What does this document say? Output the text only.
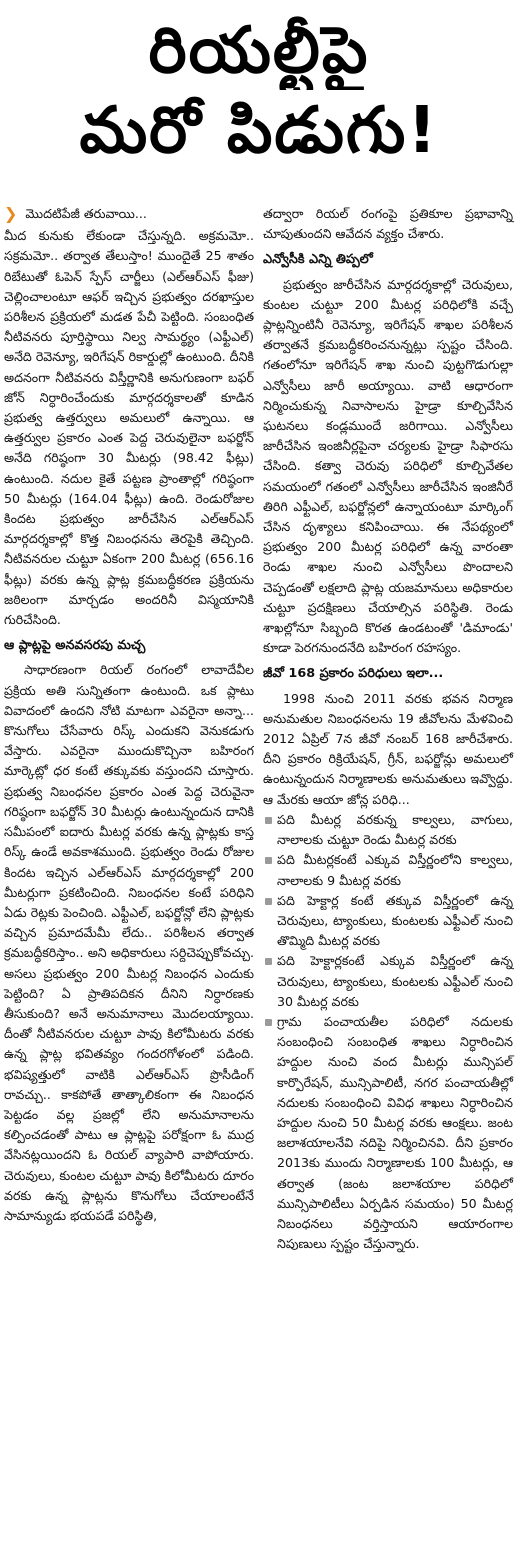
రియల్టీపై
మరో పిడుగు!
❯ మొదటిపేజీ తరువాయి...

మీద కునుకు లేకుండా చేస్తున్నది. అక్రమమో.. సక్రమమో.. తర్వాత తేలుస్తాం! ముందైతే 25 శాతం రిబేటుతో ఓపెన్ స్పేస్ చార్జీలు (ఎల్ఆర్ఎస్ ఫీజు) చెల్లించాలంటూ ఆఫర్ ఇచ్చిన ప్రభుత్వం దరఖాస్తుల పరిశీలన ప్రక్రియలో మడత పేచీ పెట్టింది. సంబంధిత నీటివనరు పూర్తిస్థాయి నిల్వ సామర్థ్యం (ఎఫ్టీఎల్) అనేది రెవెన్యూ, ఇరిగేషన్ రికార్డుల్లో ఉంటుంది. దీనికి అదనంగా నీటివనరు విస్తీర్ణానికి అనుగుణంగా బఫర్ జోన్ నిర్ధారించేందుకు మార్గదర్శకాలతో కూడిన ప్రభుత్వ ఉత్తర్వులు అమలులో ఉన్నాయి. ఆ ఉత్తర్వుల ప్రకారం ఎంత పెద్ద చెరువులైనా బఫర్జోన్ అనేది గరిష్ఠంగా 30 మీటర్లు (98.42 ఫీట్లు) ఉంటుంది. నదుల కైతే పట్టణ ప్రాంతాల్లో గరిష్ఠంగా 50 మీటర్లు (164.04 ఫీట్లు) ఉంది. రెండురోజుల కిందట ప్రభుత్వం జారీచేసిన ఎల్ఆర్ఎస్ మార్గదర్శకాల్లో కొత్త నిబంధనను తెరపైకి తెచ్చింది. నీటివనరుల చుట్టూ ఏకంగా 200 మీటర్ల (656.16 ఫీట్లు) వరకు ఉన్న ప్లాట్ల క్రమబద్ధీకరణ ప్రక్రియను జఠిలంగా మార్చడం అందరినీ విస్మయానికి గురిచేసింది.

ఆ ప్లాట్లపై అనవసరపు మచ్చ

సాధారణంగా రియల్ రంగంలో లావాదేవీల ప్రక్రియ అతి సున్నితంగా ఉంటుంది. ఒక ప్లాటు వివాదంలో ఉందని నోటి మాటగా ఎవరైనా అన్నా... కొనుగోలు చేసేవారు రిస్క్ ఎందుకని వెనుకడుగు వేస్తారు. ఎవరైనా ముందుకొచ్చినా బహిరంగ మార్కెట్లో ధర కంటే తక్కువకు వస్తుందని చూస్తారు. ప్రభుత్వ నిబంధనల ప్రకారం ఎంత పెద్ద చెరువైనా గరిష్ఠంగా బఫర్జోన్ 30 మీటర్లు ఉంటున్నందున దానికి సమీపంలో ఐదారు మీటర్ల వరకు ఉన్న ప్లాట్లకు కాస్త రిస్క్ ఉండే అవకాశముంది. ప్రభుత్వం రెండు రోజుల కిందట ఇచ్చిన ఎల్ఆర్ఎస్ మార్గదర్శకాల్లో 200 మీటర్లుగా ప్రకటించింది. నిబంధనల కంటే పరిధిని ఏడు రెట్లకు పెంచింది. ఎఫ్టీఎల్, బఫర్జోన్లో లేని ప్లాట్లకు వచ్చిన ప్రమాదమేమీ లేదు.. పరిశీలన తర్వాత క్రమబద్ధీకరిస్తాం.. అని అధికారులు సర్దిచెప్పుకోవచ్చు. అసలు ప్రభుత్వం 200 మీటర్ల నిబంధన ఎందుకు పెట్టింది? ఏ ప్రాతిపదికన దీనిని నిర్ధారణకు తీసుకుంది? అనే అనుమానాలు మొదలయ్యాయి. దీంతో నీటివనరుల చుట్టూ పావు కిలోమీటరు వరకు ఉన్న ప్లాట్ల భవితవ్యం గందరగోళంలో పడింది. భవిష్యత్తులో వాటికి ఎల్ఆర్ఎస్ ప్రొసీడింగ్ రావచ్చు.. కాకపోతే తాత్కాలికంగా ఈ నిబంధన పెట్టడం వల్ల ప్రజల్లో లేని అనుమానాలను కల్పించడంతో పాటు ఆ ప్లాట్లపై పరోక్షంగా ఓ ముద్ర వేసినట్లయిందని ఓ రియల్ వ్యాపారి వాపోయారు. చెరువులు, కుంటల చుట్టూ పావు కిలోమీటరు దూరం వరకు ఉన్న ప్లాట్లను కొనుగోలు చేయాలంటేనే సామాన్యుడు భయపడే పరిస్థితి,

తద్వారా రియల్ రంగంపై ప్రతికూల ప్రభావాన్ని చూపుతుందని ఆవేదన వ్యక్తం చేశారు.

ఎన్వోసీకి ఎన్ని తిప్పలో

ప్రభుత్వం జారీచేసిన మార్గదర్శకాల్లో చెరువులు, కుంటల చుట్టూ 200 మీటర్ల పరిధిలోకి వచ్చే ప్లాట్లన్నింటినీ రెవెన్యూ, ఇరిగేషన్ శాఖల పరిశీలన తర్వాతనే క్రమబద్ధీకరించనున్నట్లు స్పష్టం చేసింది. గతంలోనూ ఇరిగేషన్ శాఖ నుంచి పుట్టగొడుగుల్లా ఎన్వోసీలు జారీ అయ్యాయి. వాటి ఆధారంగా నిర్మించుకున్న నివాసాలను హైడ్రా కూల్చివేసిన ఘటనలు కండ్లముందే జరిగాయి. ఎన్వోసీలు జారీచేసిన ఇంజినీర్లపైనా చర్యలకు హైడ్రా సిఫారసు చేసింది. కత్వా చెరువు పరిధిలో కూల్చివేతల సమయంలో గతంలో ఎన్వోసీలు జారీచేసిన ఇంజినీరే తిరిగి ఎఫ్టీఎల్, బఫర్జోన్లలో ఉన్నాయంటూ మార్కింగ్ చేసిన దృశ్యాలు కనిపించాయి. ఈ నేపథ్యంలో ప్రభుత్వం 200 మీటర్ల పరిధిలో ఉన్న వారంతా రెండు శాఖల నుంచి ఎన్వోసీలు పొందాలని చెప్పడంతో లక్షలాది ప్లాట్ల యజమానులు అధికారుల చుట్టూ ప్రదక్షిణలు చేయాల్సిన పరిస్థితి. రెండు శాఖల్లోనూ సిబ్బంది కొరత ఉండటంతో 'డిమాండు' కూడా పెరగనుందనేది బహిరంగ రహస్యం.

జీవో 168 ప్రకారం పరిధులు ఇలా...

1998 నుంచి 2011 వరకు భవన నిర్మాణ అనుమతుల నిబంధనలను 19 జీవోలను మేళవించి 2012 ఏప్రిల్ 7న జీవో నంబర్ 168 జారీచేశారు. దీని ప్రకారం రిక్రియేషన్, గ్రీన్, బఫర్జోన్లు అమలులో ఉంటున్నందున నిర్మాణాలకు అనుమతులు ఇవ్వొద్దు. ఆ మేరకు ఆయా జోన్ల పరిధి...

పది మీటర్ల వరకున్న కాల్వలు, వాగులు, నాలాలకు చుట్టూ రెండు మీటర్ల వరకు
పది మీటర్లకంటే ఎక్కువ విస్తీర్ణంలోని కాల్వలు, నాలాలకు 9 మీటర్ల వరకు
పది హెక్టార్ల కంటే తక్కువ విస్తీర్ణంలో ఉన్న చెరువులు, ట్యాంకులు, కుంటలకు ఎఫ్టీఎల్ నుంచి తొమ్మిది మీటర్ల వరకు
పది హెక్టార్లకంటే ఎక్కువ విస్తీర్ణంలో ఉన్న చెరువులు, ట్యాంకులు, కుంటలకు ఎఫ్టీఎల్ నుంచి 30 మీటర్ల వరకు
గ్రామ పంచాయతీల పరిధిలో నదులకు సంబంధించి సంబంధిత శాఖలు నిర్ధారించిన హద్దుల నుంచి వంద మీటర్లు మున్సిపల్ కార్పొరేషన్, మున్సిపాలిటీ, నగర పంచాయతీల్లో నదులకు సంబంధించి వివిధ శాఖలు నిర్ధారించిన హద్దుల నుంచి 50 మీటర్ల వరకు ఆంక్షలు. జంట జలాశయాలనేవి నదిపై నిర్మించినవి. దీని ప్రకారం 2013కు ముందు నిర్మాణాలకు 100 మీటర్లు, ఆ తర్వాత (జంట జలాశయాల పరిధిలో మున్సిపాలిటీలు ఏర్పడిన సమయం) 50 మీటర్ల నిబంధనలు వర్తిస్తాయని ఆయారంగాల నిపుణులు స్పష్టం చేస్తున్నారు.
